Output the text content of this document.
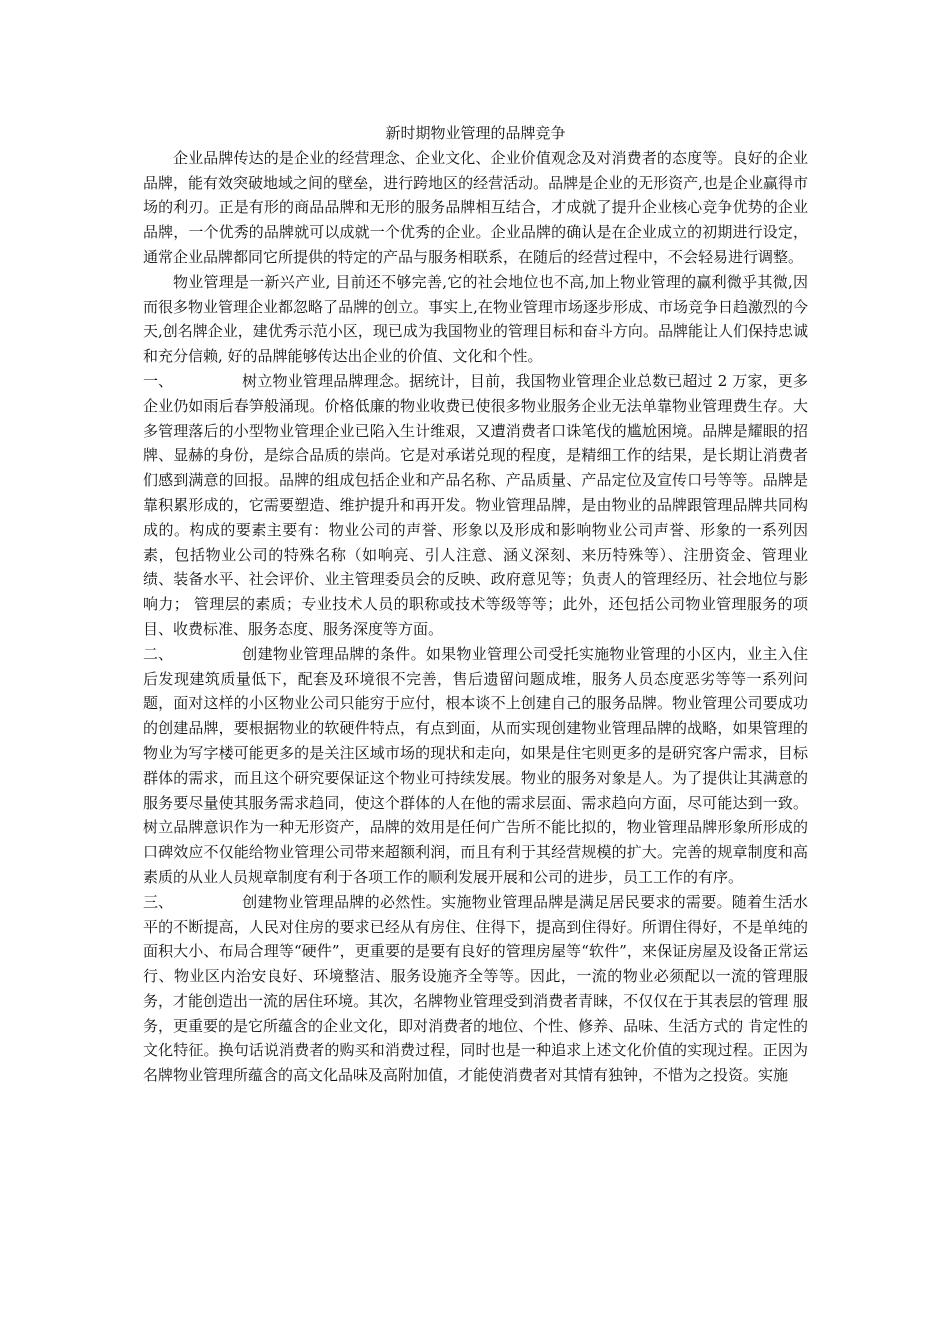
新时期物业管理的品牌竞争

企业品牌传达的是企业的经营理念、企业文化、企业价值观念及对消费者的态度等。良好的企业品牌，能有效突破地域之间的壁垒，进行跨地区的经营活动。品牌是企业的无形资产,也是企业赢得市场的利刃。正是有形的商品品牌和无形的服务品牌相互结合，才成就了提升企业核心竞争优势的企业品牌，一个优秀的品牌就可以成就一个优秀的企业。企业品牌的确认是在企业成立的初期进行设定，通常企业品牌都同它所提供的特定的产品与服务相联系，在随后的经营过程中，不会轻易进行调整。

物业管理是一新兴产业, 目前还不够完善,它的社会地位也不高,加上物业管理的赢利微乎其微,因而很多物业管理企业都忽略了品牌的创立。事实上,在物业管理市场逐步形成、市场竞争日趋激烈的今天,创名牌企业，建优秀示范小区，现已成为我国物业的管理目标和奋斗方向。品牌能让人们保持忠诚和充分信赖, 好的品牌能够传达出企业的价值、文化和个性。

一、	树立物业管理品牌理念。据统计，目前，我国物业管理企业总数已超过 2 万家，更多企业仍如雨后春笋般涌现。价格低廉的物业收费已使很多物业服务企业无法单靠物业管理费生存。大多管理落后的小型物业管理企业已陷入生计维艰，又遭消费者口诛笔伐的尴尬困境。品牌是耀眼的招牌、显赫的身份，是综合品质的崇尚。它是对承诺兑现的程度，是精细工作的结果，是长期让消费者们感到满意的回报。品牌的组成包括企业和产品名称、产品质量、产品定位及宣传口号等等。品牌是靠积累形成的，它需要塑造、维护提升和再开发。物业管理品牌，是由物业的品牌跟管理品牌共同构成的。构成的要素主要有：物业公司的声誉、形象以及形成和影响物业公司声誉、形象的一系列因素，包括物业公司的特殊名称（如响亮、引人注意、涵义深刻、来历特殊等）、注册资金、管理业绩、装备水平、社会评价、业主管理委员会的反映、政府意见等；负责人的管理经历、社会地位与影响力； 管理层的素质；专业技术人员的职称或技术等级等等；此外，还包括公司物业管理服务的项目、收费标准、服务态度、服务深度等方面。

二、	创建物业管理品牌的条件。如果物业管理公司受托实施物业管理的小区内，业主入住后发现建筑质量低下，配套及环境很不完善，售后遗留问题成堆，服务人员态度恶劣等等一系列问题，面对这样的小区物业公司只能穷于应付，根本谈不上创建自己的服务品牌。物业管理公司要成功的创建品牌，要根据物业的软硬件特点，有点到面，从而实现创建物业管理品牌的战略，如果管理的物业为写字楼可能更多的是关注区域市场的现状和走向，如果是住宅则更多的是研究客户需求，目标群体的需求，而且这个研究要保证这个物业可持续发展。物业的服务对象是人。为了提供让其满意的服务要尽量使其服务需求趋同，使这个群体的人在他的需求层面、需求趋向方面，尽可能达到一致。树立品牌意识作为一种无形资产，品牌的效用是任何广告所不能比拟的，物业管理品牌形象所形成的口碑效应不仅能给物业管理公司带来超额利润，而且有利于其经营规模的扩大。完善的规章制度和高素质的从业人员规章制度有利于各项工作的顺利发展开展和公司的进步，员工工作的有序。

三、	创建物业管理品牌的必然性。实施物业管理品牌是满足居民要求的需要。随着生活水平的不断提高，人民对住房的要求已经从有房住、住得下，提高到住得好。所谓住得好，不是单纯的面积大小、布局合理等“硬件”，更重要的是要有良好的管理房屋等“软件”，来保证房屋及设备正常运行、物业区内治安良好、环境整洁、服务设施齐全等等。因此，一流的物业必须配以一流的管理服务，才能创造出一流的居住环境。其次，名牌物业管理受到消费者青睐，不仅仅在于其表层的管理 服务，更重要的是它所蕴含的企业文化，即对消费者的地位、个性、修养、品味、生活方式的 肯定性的文化特征。换句话说消费者的购买和消费过程，同时也是一种追求上述文化价值的实现过程。正因为名牌物业管理所蕴含的高文化品味及高附加值，才能使消费者对其情有独钟，不惜为之投资。实施
